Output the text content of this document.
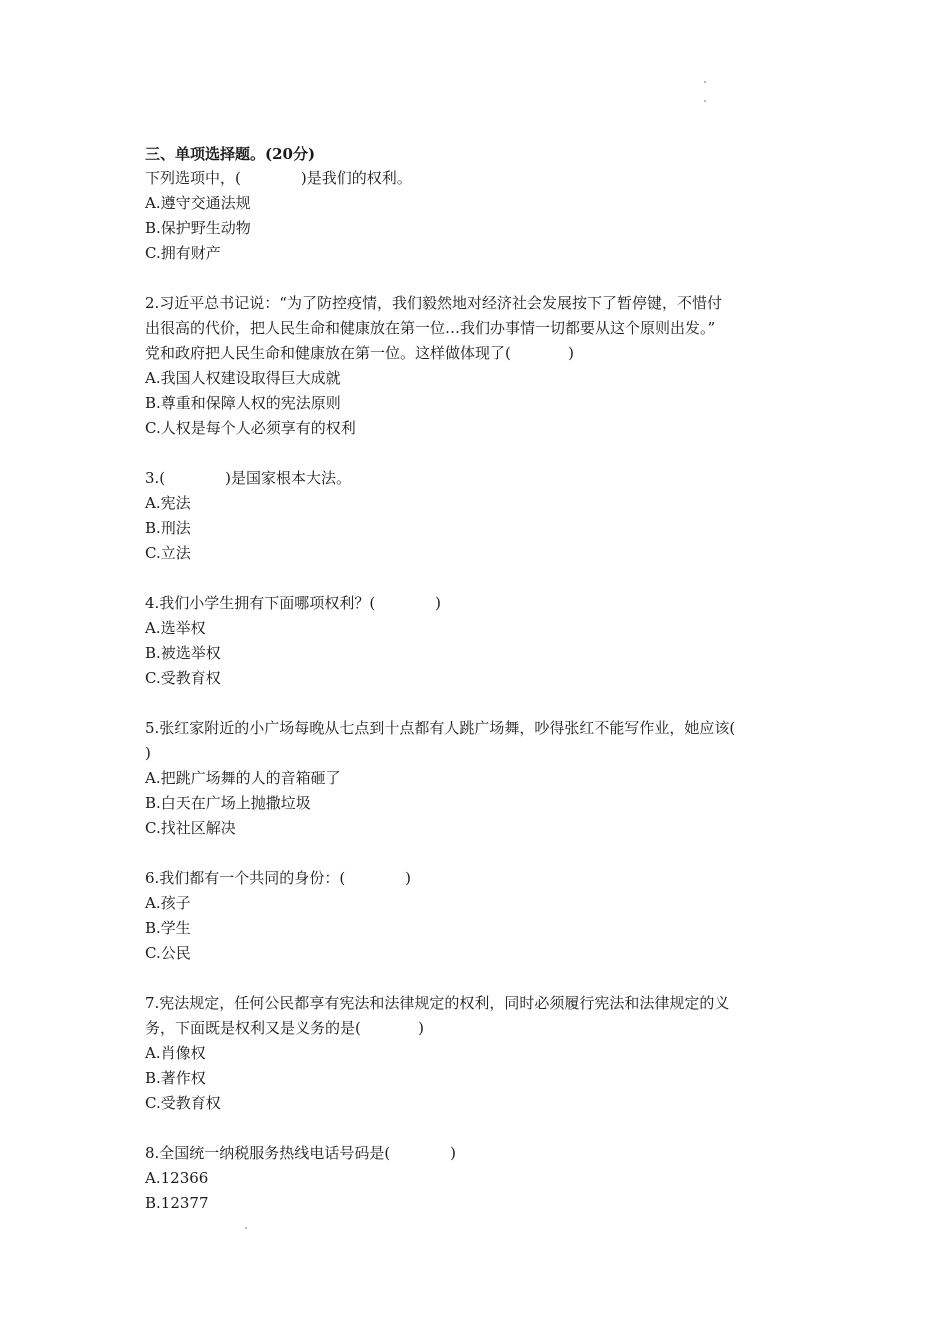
三、单项选择题。(20分)
下列选项中，(	)是我们的权利。
A.遵守交通法规
B.保护野生动物
C.拥有财产
2.习近平总书记说：“为了防控疫情，我们毅然地对经济社会发展按下了暂停键，不惜付
出很高的代价，把人民生命和健康放在第一位…我们办事情一切都要从这个原则出发。”
党和政府把人民生命和健康放在第一位。这样做体现了(            )
A.我国人权建设取得巨大成就
B.尊重和保障人权的宪法原则
C.人权是每个人必须享有的权利
3.(	)是国家根本大法。
A.宪法
B.刑法
C.立法
4.我们小学生拥有下面哪项权利？(	)
A.选举权
B.被选举权
C.受教育权
5.张红家附近的小广场每晚从七点到十点都有人跳广场舞，吵得张红不能写作业，她应该(
)
A.把跳广场舞的人的音箱砸了
B.白天在广场上抛撒垃圾
C.找社区解决
6.我们都有一个共同的身份：(	)
A.孩子
B.学生
C.公民
7.宪法规定，任何公民都享有宪法和法律规定的权利，同时必须履行宪法和法律规定的义
务，下面既是权利又是义务的是(            )
A.肖像权
B.著作权
C.受教育权
8.全国统一纳税服务热线电话号码是(	)
A.12366
B.12377
